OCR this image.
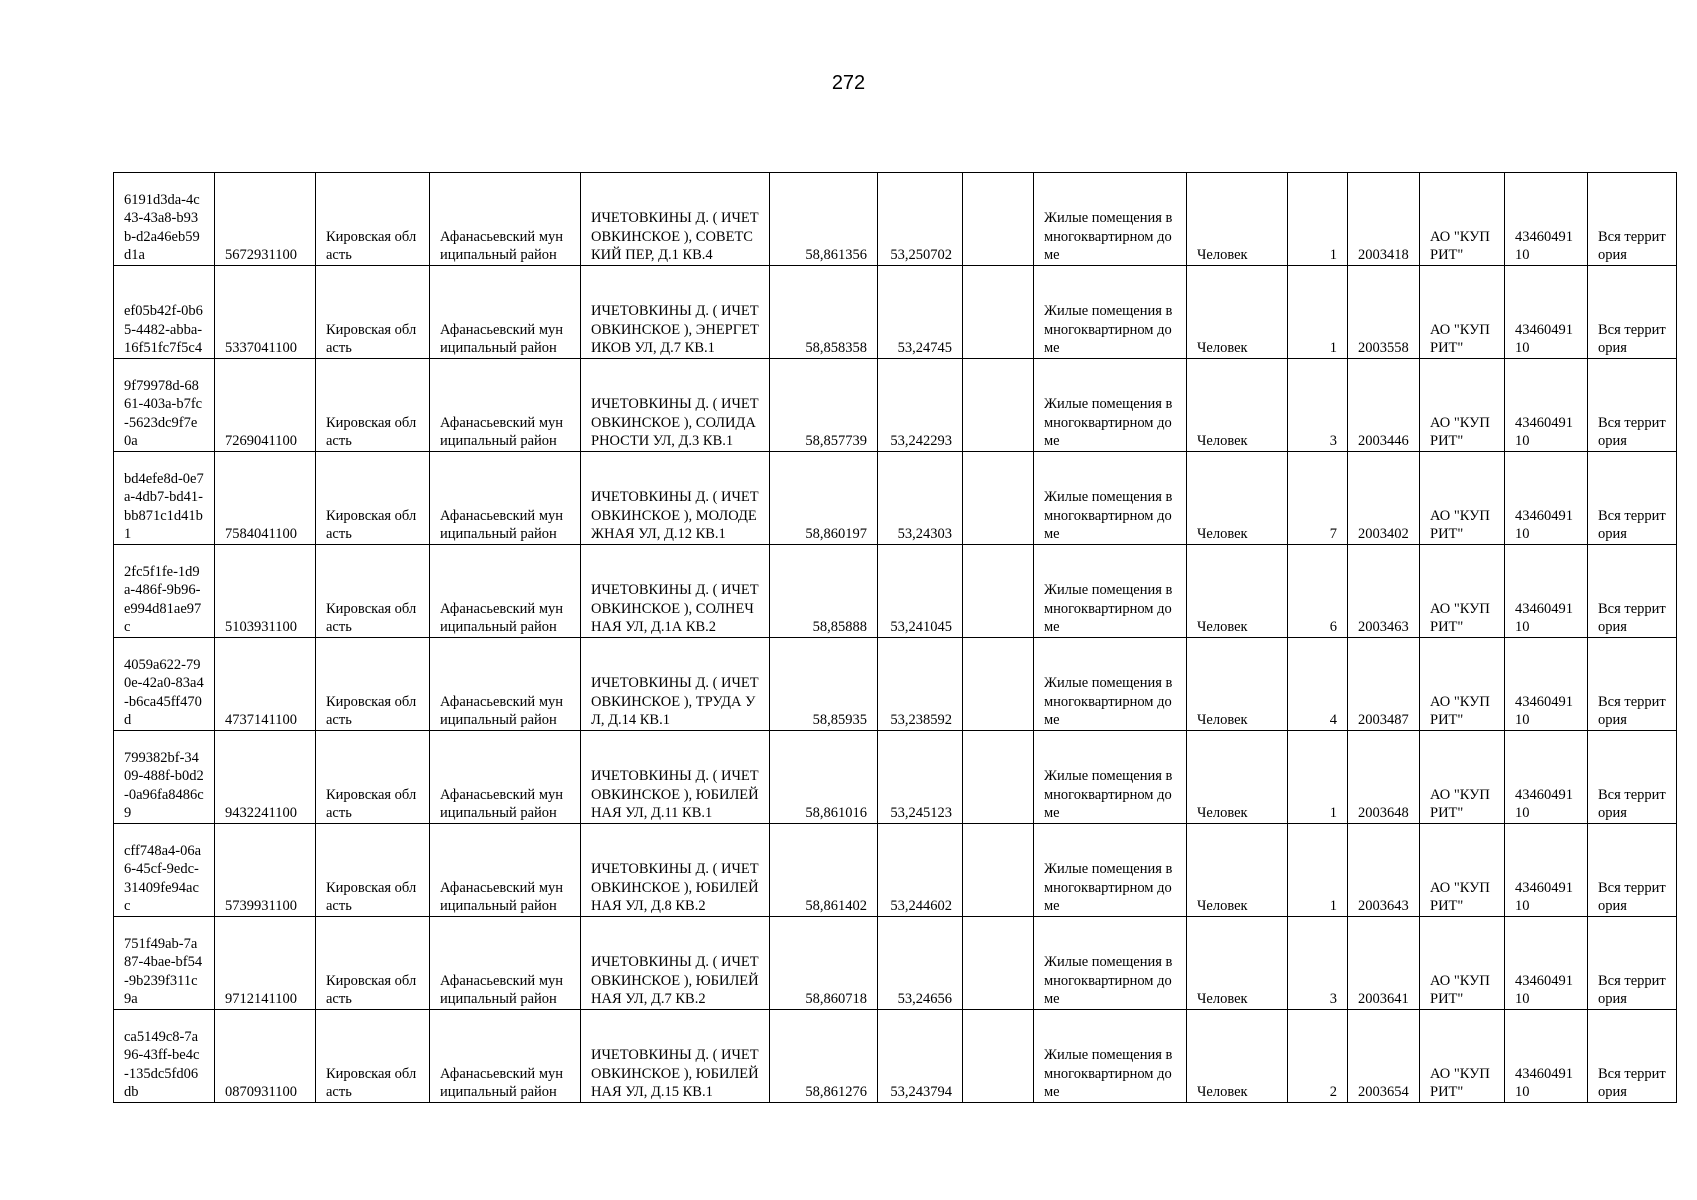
272
6191d3da-4c43-43a8-b93b-d2a46eb59d1a	5672931100	Кировская область	Афанасьевский муниципальный район	ИЧЕТОВКИНЫ Д. ( ИЧЕТОВКИНСКОЕ ), СОВЕТСКИЙ ПЕР, Д.1 КВ.4	58,861356	53,250702		Жилые помещения в многоквартирном доме	Человек	1	2003418	АО "КУПРИТ"	4346049110	Вся территория

ef05b42f-0b65-4482-abba-16f51fc7f5c4	5337041100	Кировская область	Афанасьевский муниципальный район	ИЧЕТОВКИНЫ Д. ( ИЧЕТОВКИНСКОЕ ), ЭНЕРГЕТИКОВ УЛ, Д.7 КВ.1	58,858358	53,24745		Жилые помещения в многоквартирном доме	Человек	1	2003558	АО "КУПРИТ"	4346049110	Вся территория

9f79978d-6861-403a-b7fc-5623dc9f7e0a	7269041100	Кировская область	Афанасьевский муниципальный район	ИЧЕТОВКИНЫ Д. ( ИЧЕТОВКИНСКОЕ ), СОЛИДАРНОСТИ УЛ, Д.3 КВ.1	58,857739	53,242293		Жилые помещения в многоквартирном доме	Человек	3	2003446	АО "КУПРИТ"	4346049110	Вся территория

bd4efe8d-0e7a-4db7-bd41-bb871c1d41b1	7584041100	Кировская область	Афанасьевский муниципальный район	ИЧЕТОВКИНЫ Д. ( ИЧЕТОВКИНСКОЕ ), МОЛОДЕЖНАЯ УЛ, Д.12 КВ.1	58,860197	53,24303		Жилые помещения в многоквартирном доме	Человек	7	2003402	АО "КУПРИТ"	4346049110	Вся территория

2fc5f1fe-1d9a-486f-9b96-e994d81ae97c	5103931100	Кировская область	Афанасьевский муниципальный район	ИЧЕТОВКИНЫ Д. ( ИЧЕТОВКИНСКОЕ ), СОЛНЕЧНАЯ УЛ, Д.1А КВ.2	58,85888	53,241045		Жилые помещения в многоквартирном доме	Человек	6	2003463	АО "КУПРИТ"	4346049110	Вся территория

4059a622-790e-42a0-83a4-b6ca45ff470d	4737141100	Кировская область	Афанасьевский муниципальный район	ИЧЕТОВКИНЫ Д. ( ИЧЕТОВКИНСКОЕ ), ТРУДА УЛ, Д.14 КВ.1	58,85935	53,238592		Жилые помещения в многоквартирном доме	Человек	4	2003487	АО "КУПРИТ"	4346049110	Вся территория

799382bf-3409-488f-b0d2-0a96fa8486c9	9432241100	Кировская область	Афанасьевский муниципальный район	ИЧЕТОВКИНЫ Д. ( ИЧЕТОВКИНСКОЕ ), ЮБИЛЕЙНАЯ УЛ, Д.11 КВ.1	58,861016	53,245123		Жилые помещения в многоквартирном доме	Человек	1	2003648	АО "КУПРИТ"	4346049110	Вся территория

cff748a4-06a6-45cf-9edc-31409fe94acc	5739931100	Кировская область	Афанасьевский муниципальный район	ИЧЕТОВКИНЫ Д. ( ИЧЕТОВКИНСКОЕ ), ЮБИЛЕЙНАЯ УЛ, Д.8 КВ.2	58,861402	53,244602		Жилые помещения в многоквартирном доме	Человек	1	2003643	АО "КУПРИТ"	4346049110	Вся территория

751f49ab-7a87-4bae-bf54-9b239f311c9a	9712141100	Кировская область	Афанасьевский муниципальный район	ИЧЕТОВКИНЫ Д. ( ИЧЕТОВКИНСКОЕ ), ЮБИЛЕЙНАЯ УЛ, Д.7 КВ.2	58,860718	53,24656		Жилые помещения в многоквартирном доме	Человек	3	2003641	АО "КУПРИТ"	4346049110	Вся территория

ca5149c8-7a96-43ff-be4c-135dc5fd06db	0870931100	Кировская область	Афанасьевский муниципальный район	ИЧЕТОВКИНЫ Д. ( ИЧЕТОВКИНСКОЕ ), ЮБИЛЕЙНАЯ УЛ, Д.15 КВ.1	58,861276	53,243794		Жилые помещения в многоквартирном доме	Человек	2	2003654	АО "КУПРИТ"	4346049110	Вся территория
